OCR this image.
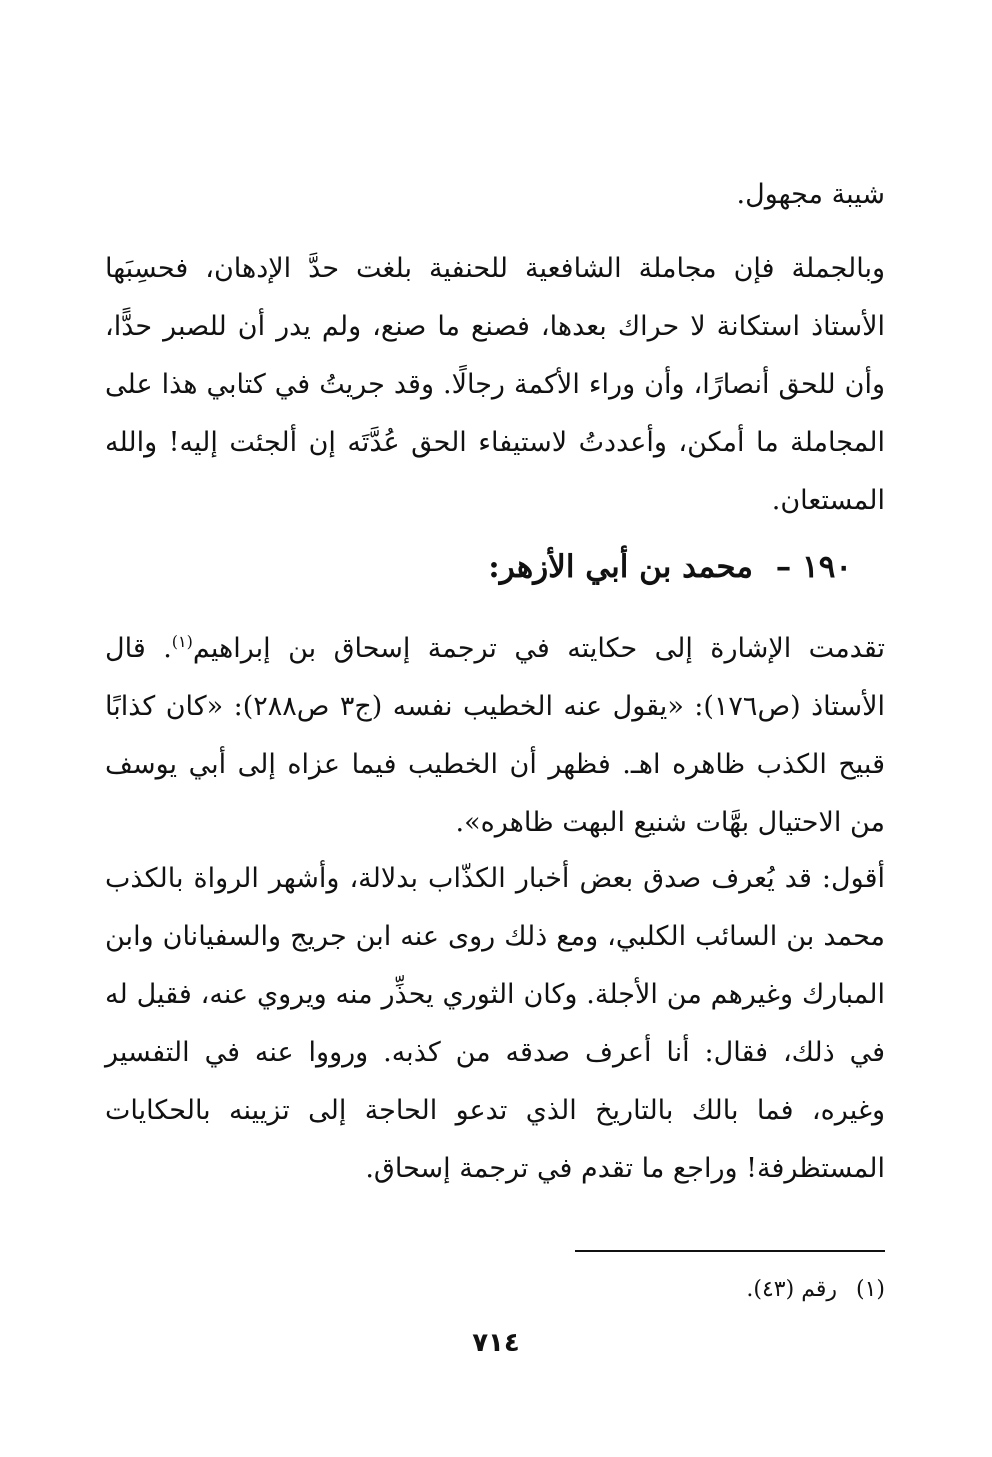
شيبة مجهول.

وبالجملة فإن مجاملة الشافعية للحنفية بلغت حدَّ الإدهان، فحسِبَها الأستاذ استكانة لا حراك بعدها، فصنع ما صنع، ولم يدر أن للصبر حدًّا، وأن للحق أنصارًا، وأن وراء الأكمة رجالًا. وقد جريتُ في كتابي هذا على المجاملة ما أمكن، وأعددتُ لاستيفاء الحق عُدَّتَه إن ألجئت إليه! والله المستعان.

١٩٠ – محمد بن أبي الأزهر:

تقدمت الإشارة إلى حكايته في ترجمة إسحاق بن إبراهيم$^{(١)}$. قال الأستاذ (ص١٧٦): «يقول عنه الخطيب نفسه (ج٣ ص٢٨٨): «كان كذابًا قبيح الكذب ظاهره اهـ. فظهر أن الخطيب فيما عزاه إلى أبي يوسف من الاحتيال بهَّات شنيع البهت ظاهره».

أقول: قد يُعرف صدق بعض أخبار الكذّاب بدلالة، وأشهر الرواة بالكذب محمد بن السائب الكلبي، ومع ذلك روى عنه ابن جريج والسفيانان وابن المبارك وغيرهم من الأجلة. وكان الثوري يحذِّر منه ويروي عنه، فقيل له في ذلك، فقال: أنا أعرف صدقه من كذبه. ورووا عنه في التفسير وغيره، فما بالك بالتاريخ الذي تدعو الحاجة إلى تزيينه بالحكايات المستظرفة! وراجع ما تقدم في ترجمة إسحاق.

(١) رقم (٤٣).
٧١٤
